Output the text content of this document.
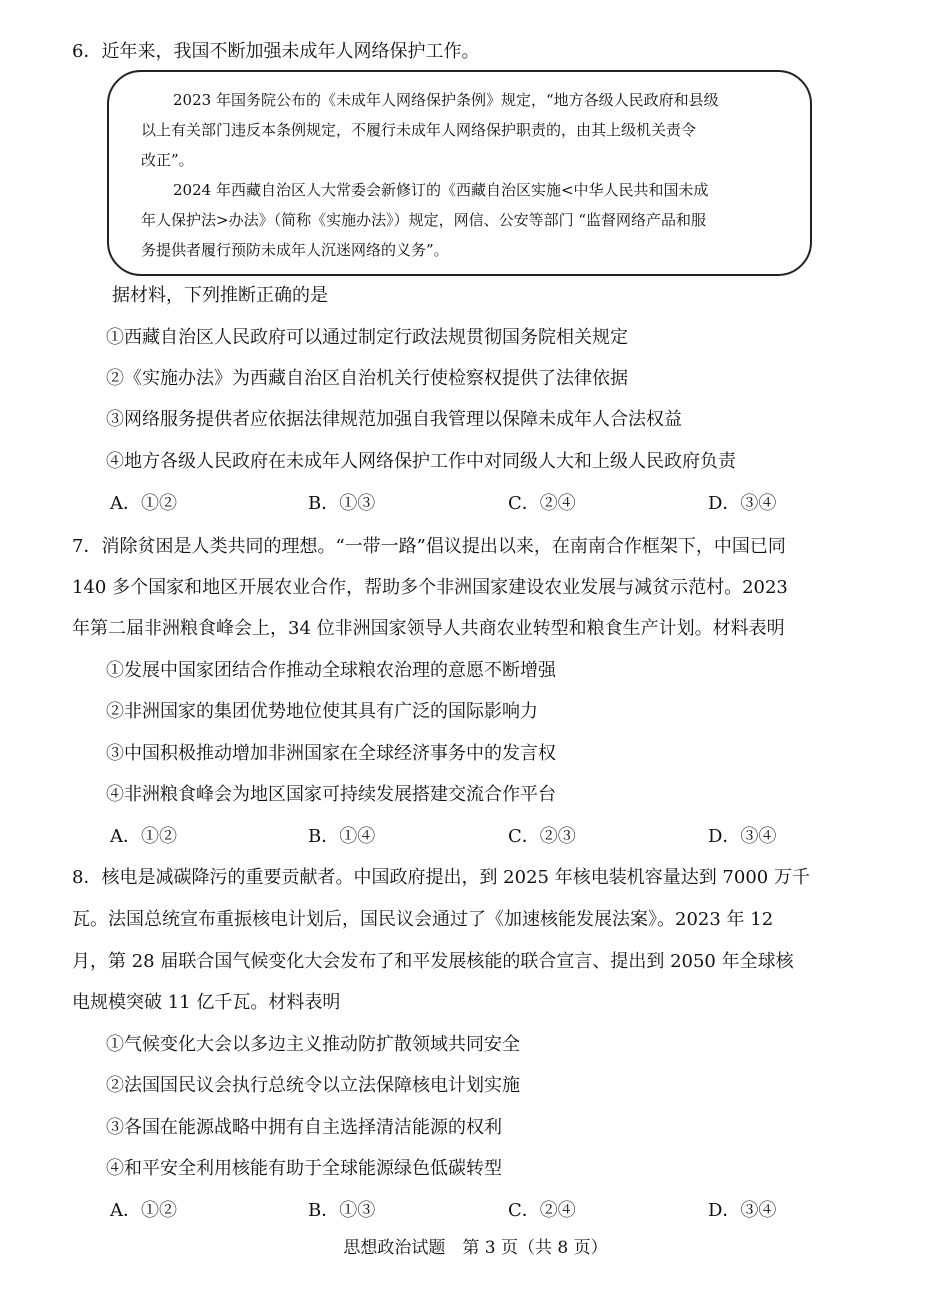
6．近年来，我国不断加强未成年人网络保护工作。
2023 年国务院公布的《未成年人网络保护条例》规定，“地方各级人民政府和县级
以上有关部门违反本条例规定，不履行未成年人网络保护职责的，由其上级机关责令
改正”。
2024 年西藏自治区人大常委会新修订的《西藏自治区实施<中华人民共和国未成
年人保护法>办法》（简称《实施办法》）规定，网信、公安等部门 “监督网络产品和服
务提供者履行预防未成年人沉迷网络的义务”。
据材料，下列推断正确的是
①西藏自治区人民政府可以通过制定行政法规贯彻国务院相关规定
②《实施办法》为西藏自治区自治机关行使检察权提供了法律依据
③网络服务提供者应依据法律规范加强自我管理以保障未成年人合法权益
④地方各级人民政府在未成年人网络保护工作中对同级人大和上级人民政府负责
A．①②	B．①③	C．②④	D．③④
7．消除贫困是人类共同的理想。“一带一路”倡议提出以来，在南南合作框架下，中国已同
140 多个国家和地区开展农业合作，帮助多个非洲国家建设农业发展与减贫示范村。2023
年第二届非洲粮食峰会上，34 位非洲国家领导人共商农业转型和粮食生产计划。材料表明
①发展中国家团结合作推动全球粮农治理的意愿不断增强
②非洲国家的集团优势地位使其具有广泛的国际影响力
③中国积极推动增加非洲国家在全球经济事务中的发言权
④非洲粮食峰会为地区国家可持续发展搭建交流合作平台
A．①②	B．①④	C．②③	D．③④
8．核电是减碳降污的重要贡献者。中国政府提出，到 2025 年核电装机容量达到 7000 万千
瓦。法国总统宣布重振核电计划后，国民议会通过了《加速核能发展法案》。2023 年 12
月，第 28 届联合国气候变化大会发布了和平发展核能的联合宣言、提出到 2050 年全球核
电规模突破 11 亿千瓦。材料表明
①气候变化大会以多边主义推动防扩散领域共同安全
②法国国民议会执行总统令以立法保障核电计划实施
③各国在能源战略中拥有自主选择清洁能源的权利
④和平安全利用核能有助于全球能源绿色低碳转型
A．①②	B．①③	C．②④	D．③④
思想政治试题　第 3 页（共 8 页）
